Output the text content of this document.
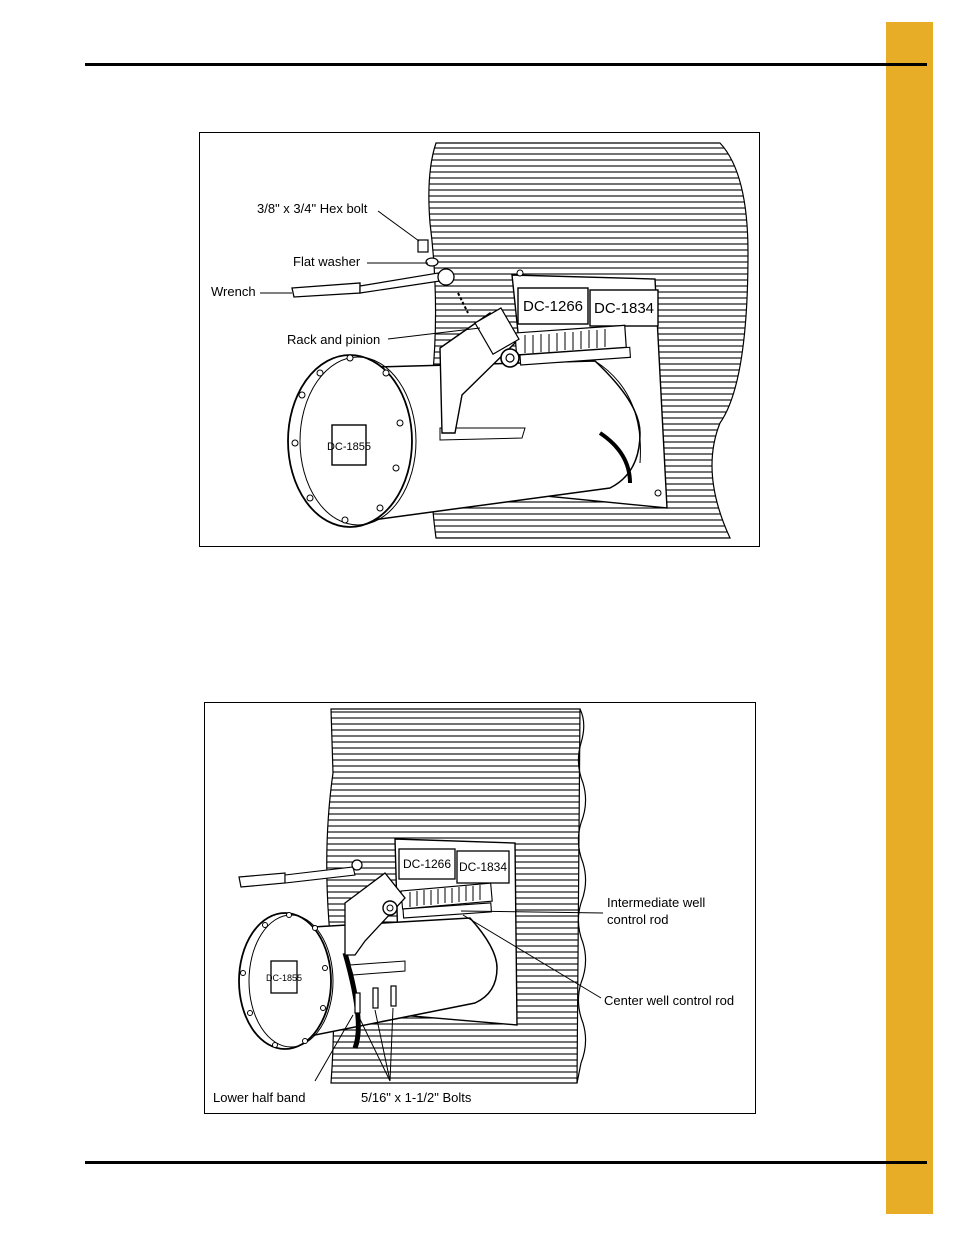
DC-1266 DC-1834
DC-1855
3/8" x 3/4" Hex bolt
Flat washer
Wrench
Rack and pinion
DC-1266 DC-1834
DC-1855
Intermediate well
control rod
Center well control rod
Lower half band	5/16" x 1-1/2" Bolts
